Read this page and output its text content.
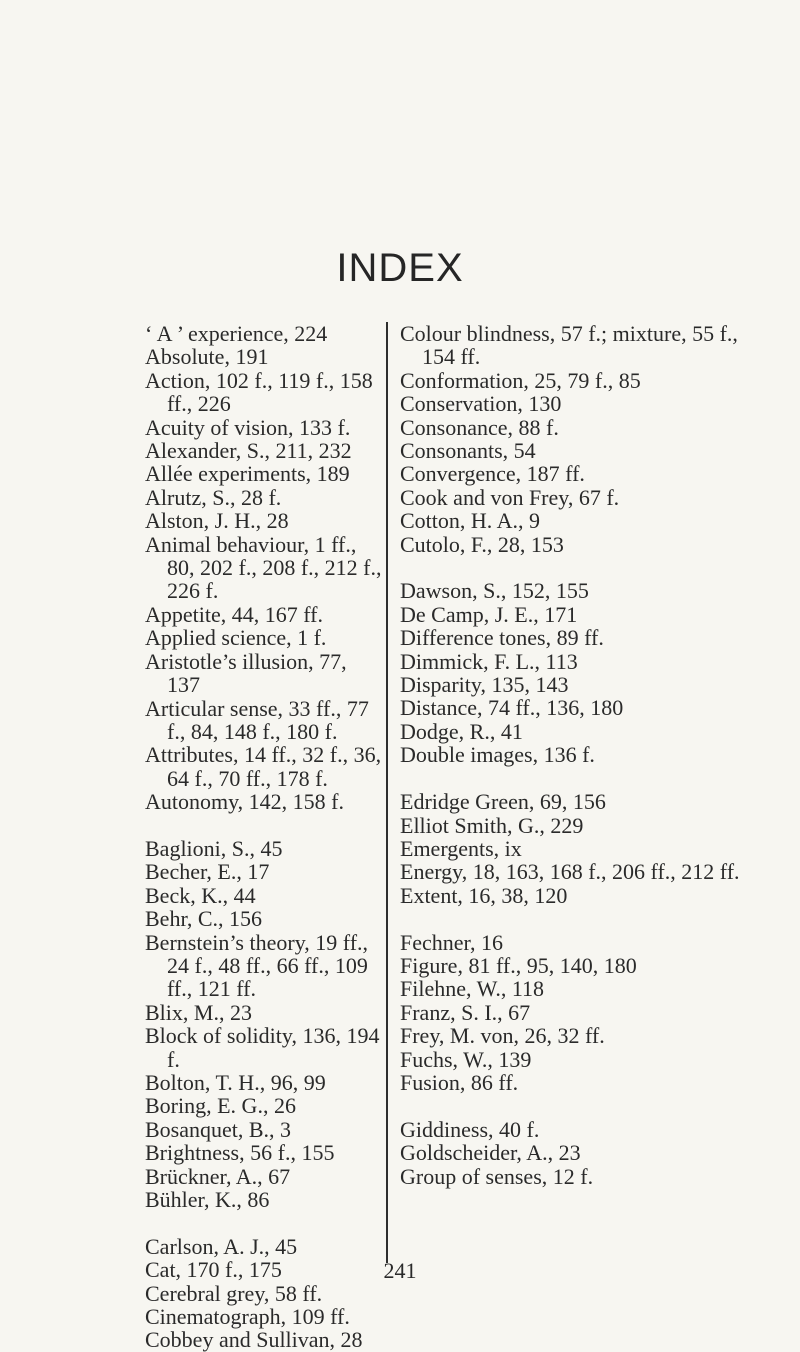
INDEX
‘ A ’ experience, 224
Absolute, 191
Action, 102 f., 119 f., 158 ff., 226
Acuity of vision, 133 f.
Alexander, S., 211, 232
Allée experiments, 189
Alrutz, S., 28 f.
Alston, J. H., 28
Animal behaviour, 1 ff., 80, 202 f., 208 f., 212 f., 226 f.
Appetite, 44, 167 ff.
Applied science, 1 f.
Aristotle’s illusion, 77, 137
Articular sense, 33 ff., 77 f., 84, 148 f., 180 f.
Attributes, 14 ff., 32 f., 36, 64 f., 70 ff., 178 f.
Autonomy, 142, 158 f.
Baglioni, S., 45
Becher, E., 17
Beck, K., 44
Behr, C., 156
Bernstein’s theory, 19 ff., 24 f., 48 ff., 66 ff., 109 ff., 121 ff.
Blix, M., 23
Block of solidity, 136, 194 f.
Bolton, T. H., 96, 99
Boring, E. G., 26
Bosanquet, B., 3
Brightness, 56 f., 155
Brückner, A., 67
Bühler, K., 86
Carlson, A. J., 45
Cat, 170 f., 175
Cerebral grey, 58 ff.
Cinematograph, 109 ff.
Cobbey and Sullivan, 28
Colour blindness, 57 f.; mixture, 55 f., 154 ff.
Conformation, 25, 79 f., 85
Conservation, 130
Consonance, 88 f.
Consonants, 54
Convergence, 187 ff.
Cook and von Frey, 67 f.
Cotton, H. A., 9
Cutolo, F., 28, 153
Dawson, S., 152, 155
De Camp, J. E., 171
Difference tones, 89 ff.
Dimmick, F. L., 113
Disparity, 135, 143
Distance, 74 ff., 136, 180
Dodge, R., 41
Double images, 136 f.
Edridge Green, 69, 156
Elliot Smith, G., 229
Emergents, ix
Energy, 18, 163, 168 f., 206 ff., 212 ff.
Extent, 16, 38, 120
Fechner, 16
Figure, 81 ff., 95, 140, 180
Filehne, W., 118
Franz, S. I., 67
Frey, M. von, 26, 32 ff.
Fuchs, W., 139
Fusion, 86 ff.
Giddiness, 40 f.
Goldscheider, A., 23
Group of senses, 12 f.
241
